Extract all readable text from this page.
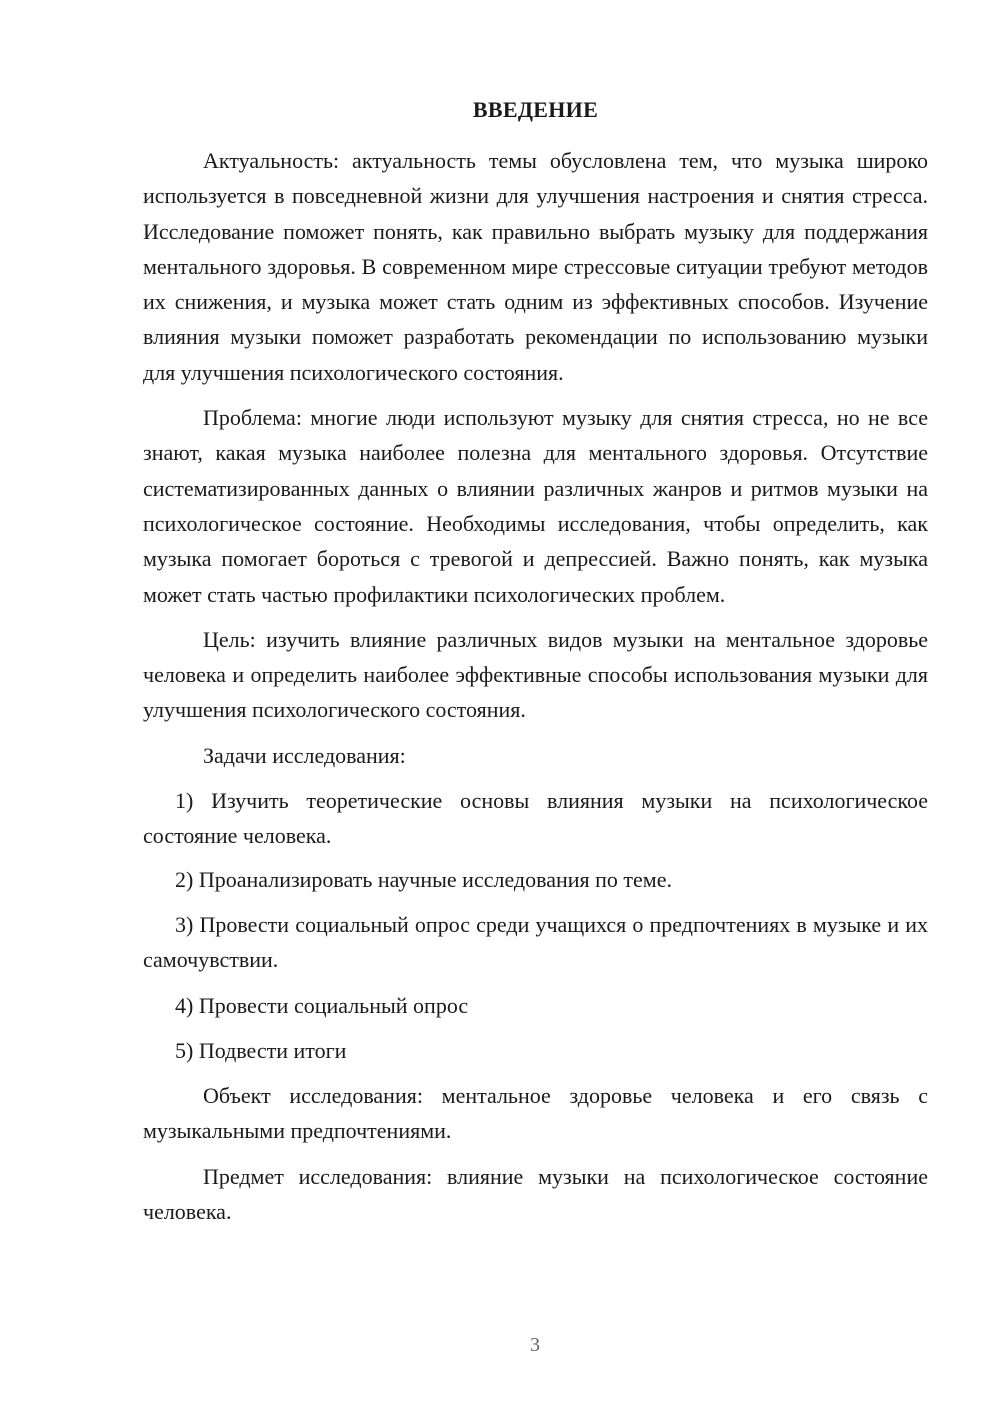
ВВЕДЕНИЕ

Актуальность: актуальность темы обусловлена тем, что музыка широко используется в повседневной жизни для улучшения настроения и снятия стресса. Исследование поможет понять, как правильно выбрать музыку для поддержания ментального здоровья. В современном мире стрессовые ситуации требуют методов их снижения, и музыка может стать одним из эффективных способов. Изучение влияния музыки поможет разработать рекомендации по использованию музыки для улучшения психологического состояния.

Проблема: многие люди используют музыку для снятия стресса, но не все знают, какая музыка наиболее полезна для ментального здоровья. Отсутствие систематизированных данных о влиянии различных жанров и ритмов музыки на психологическое состояние. Необходимы исследования, чтобы определить, как музыка помогает бороться с тревогой и депрессией. Важно понять, как музыка может стать частью профилактики психологических проблем.

Цель: изучить влияние различных видов музыки на ментальное здоровье человека и определить наиболее эффективные способы использования музыки для улучшения психологического состояния.

Задачи исследования:

1) Изучить теоретические основы влияния музыки на психологическое состояние человека.

2) Проанализировать научные исследования по теме.

3) Провести социальный опрос среди учащихся о предпочтениях в музыке и их самочувствии.

4) Провести социальный опрос

5) Подвести итоги

Объект исследования: ментальное здоровье человека и его связь с музыкальными предпочтениями.

Предмет исследования: влияние музыки на психологическое состояние человека.

3
